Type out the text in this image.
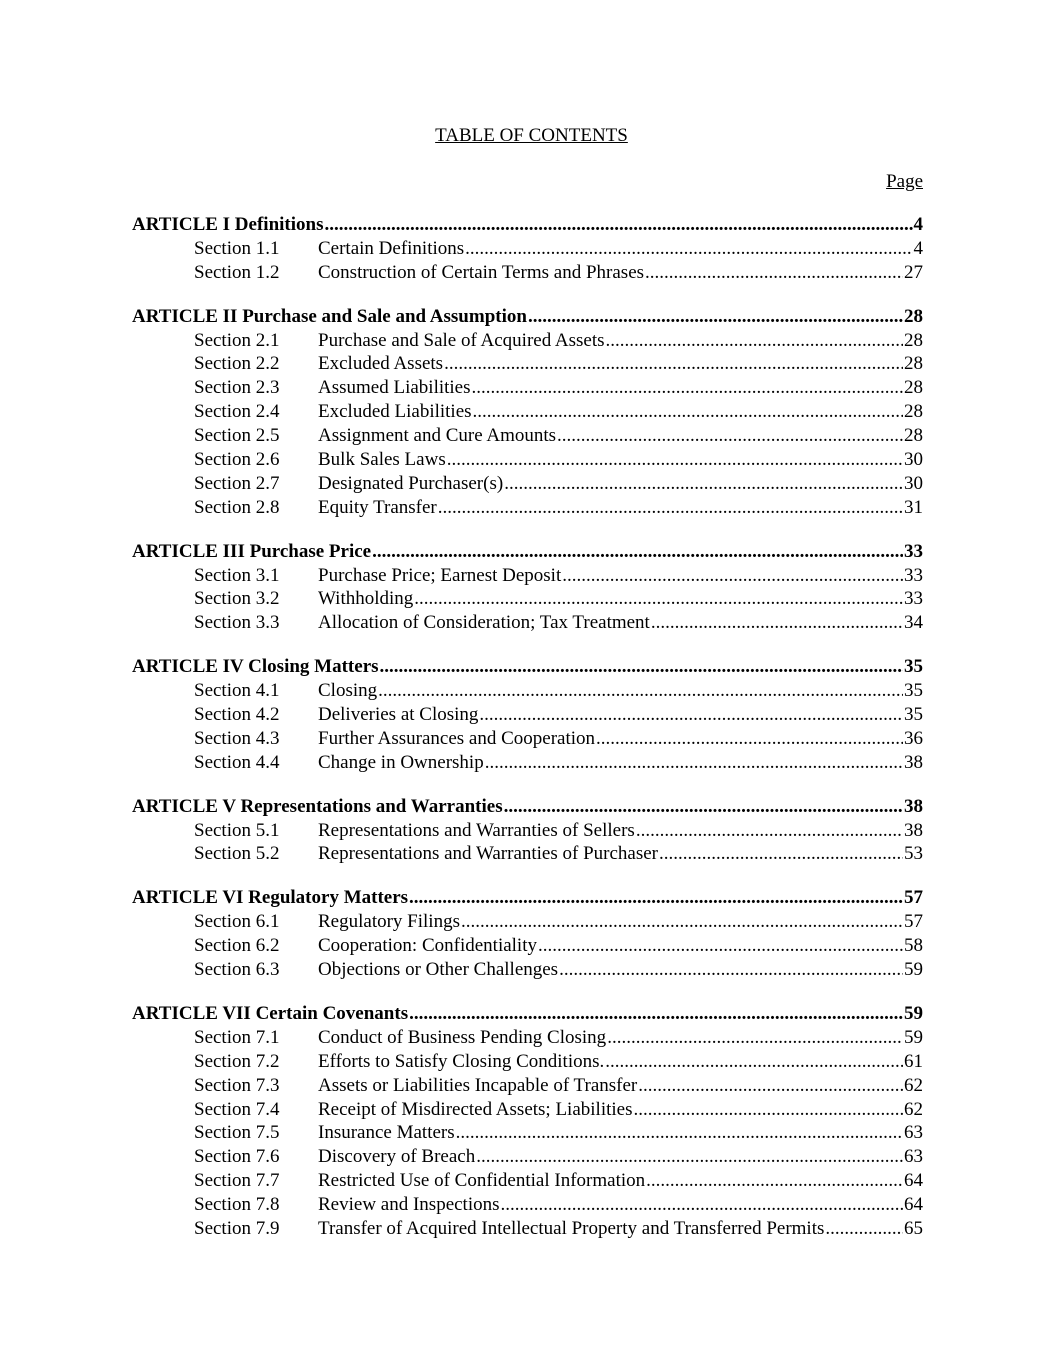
TABLE OF CONTENTS
Page
ARTICLE I Definitions .....	4
Section 1.1	Certain Definitions .....	4
Section 1.2	Construction of Certain Terms and Phrases .....	27
ARTICLE II Purchase and Sale and Assumption .....	28
Section 2.1	Purchase and Sale of Acquired Assets .....	28
Section 2.2	Excluded Assets .....	28
Section 2.3	Assumed Liabilities .....	28
Section 2.4	Excluded Liabilities .....	28
Section 2.5	Assignment and Cure Amounts .....	28
Section 2.6	Bulk Sales Laws .....	30
Section 2.7	Designated Purchaser(s) .....	30
Section 2.8	Equity Transfer .....	31
ARTICLE III Purchase Price .....	33
Section 3.1	Purchase Price; Earnest Deposit .....	33
Section 3.2	Withholding .....	33
Section 3.3	Allocation of Consideration; Tax Treatment .....	34
ARTICLE IV Closing Matters .....	35
Section 4.1	Closing .....	35
Section 4.2	Deliveries at Closing .....	35
Section 4.3	Further Assurances and Cooperation .....	36
Section 4.4	Change in Ownership .....	38
ARTICLE V Representations and Warranties .....	38
Section 5.1	Representations and Warranties of Sellers .....	38
Section 5.2	Representations and Warranties of Purchaser .....	53
ARTICLE VI Regulatory Matters .....	57
Section 6.1	Regulatory Filings .....	57
Section 6.2	Cooperation: Confidentiality .....	58
Section 6.3	Objections or Other Challenges .....	59
ARTICLE VII Certain Covenants .....	59
Section 7.1	Conduct of Business Pending Closing .....	59
Section 7.2	Efforts to Satisfy Closing Conditions. .....	61
Section 7.3	Assets or Liabilities Incapable of Transfer .....	62
Section 7.4	Receipt of Misdirected Assets; Liabilities .....	62
Section 7.5	Insurance Matters .....	63
Section 7.6	Discovery of Breach .....	63
Section 7.7	Restricted Use of Confidential Information .....	64
Section 7.8	Review and Inspections .....	64
Section 7.9	Transfer of Acquired Intellectual Property and Transferred Permits .....	65
